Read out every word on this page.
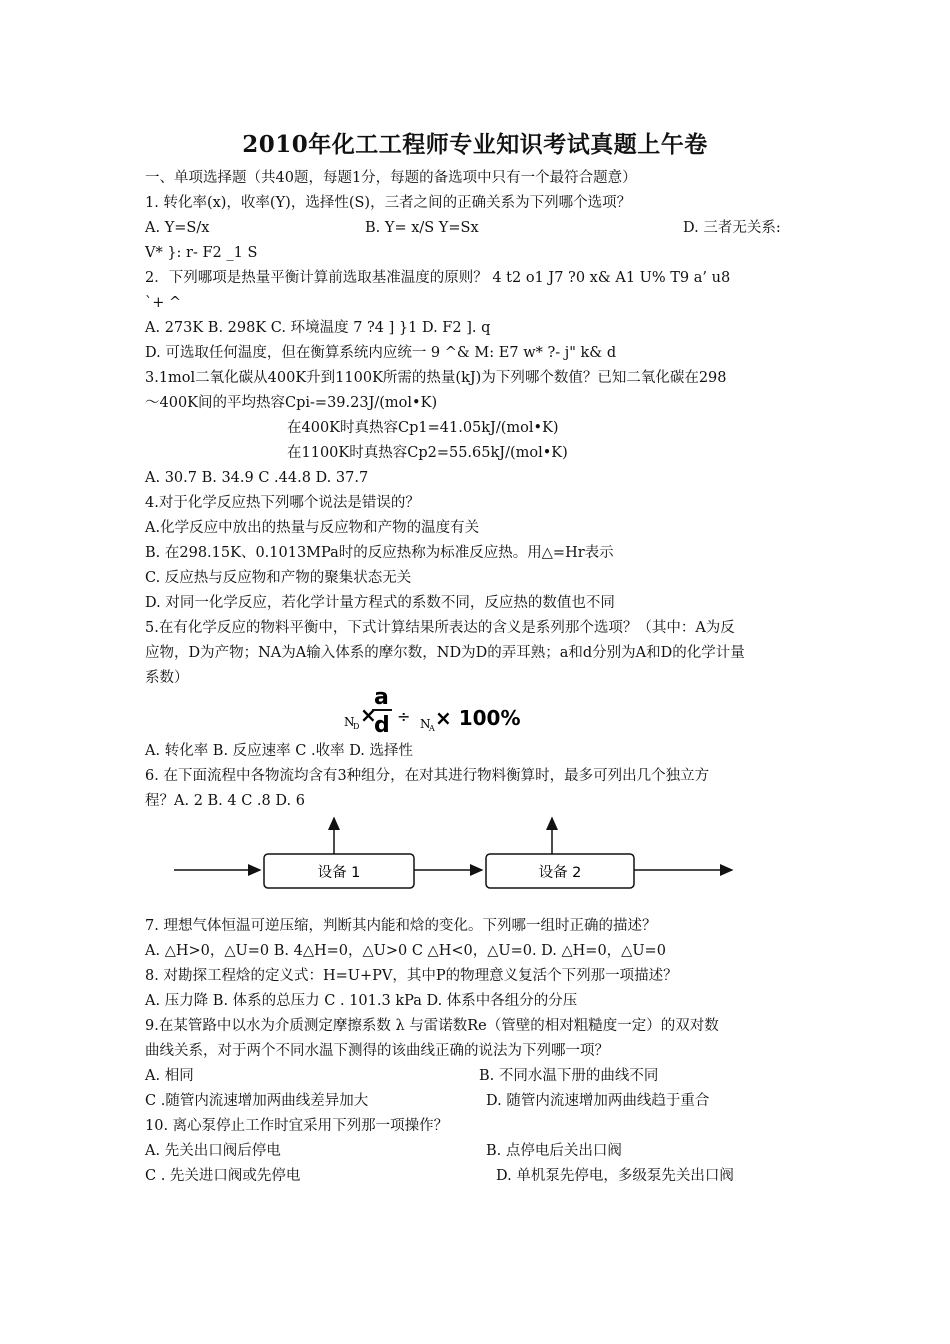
2010年化工工程师专业知识考试真题上午卷
一、单项选择题（共40题，每题1分，每题的备选项中只有一个最符合题意）
1. 转化率(x)，收率(Y)，选择性(S)，三者之间的正确关系为下列哪个选项？
A. Y=S/x	B. Y= x/S Y=Sx	D. 三者无关系:
V* }: r- F2 _1 S
2．下列哪项是热量平衡计算前选取基准温度的原则？ 4 t2 o1 J7 ?0 x& A1 U% T9 a’ u8
`+ ^
A. 273K B. 298K C. 环境温度 7 ?4 ] }1 D. F2 ]. q
D. 可选取任何温度，但在衡算系统内应统一 9 ^& M: E7 w* ?- j" k& d
3.1mol二氧化碳从400K升到1100K所需的热量(kJ)为下列哪个数值？已知二氧化碳在298
～400K间的平均热容Cpi-=39.23J/(mol•K)
在400K时真热容Cp1=41.05kJ/(mol•K)
在1100K时真热容Cp2=55.65kJ/(mol•K)
A. 30.7 B. 34.9 C .44.8 D. 37.7
4.对于化学反应热下列哪个说法是错误的？
A.化学反应中放出的热量与反应物和产物的温度有关
B. 在298.15K、0.1013MPa时的反应热称为标准反应热。用△=Hr表示
C. 反应热与反应物和产物的聚集状态无关
D. 对同一化学反应，若化学计量方程式的系数不同，反应热的数值也不同
5.在有化学反应的物料平衡中，下式计算结果所表达的含义是系列那个选项？（其中：A为反
应物，D为产物；NA为A输入体系的摩尔数，ND为D的弄耳熟；a和d分别为A和D的化学计量
系数）
N
D ×
a
d ÷ N
A × 100%
A. 转化率 B. 反应速率 C .收率 D. 选择性
6. 在下面流程中各物流均含有3种组分，在对其进行物料衡算时，最多可列出几个独立方
程？A. 2 B. 4 C .8 D. 6
设备 1	设备 2
7. 理想气体恒温可逆压缩，判断其内能和焓的变化。下列哪一组时正确的描述？
A. △H>0，△U=0 B. 4△H=0，△U>0 C △H<0，△U=0. D. △H=0，△U=0
8. 对勘探工程焓的定义式：H=U+PV，其中P的物理意义复活个下列那一项描述？
A. 压力降 B. 体系的总压力 C . 101.3 kPa D. 体系中各组分的分压
9.在某管路中以水为介质测定摩擦系数 λ 与雷诺数Re（管壁的相对粗糙度一定）的双对数
曲线关系，对于两个不同水温下测得的该曲线正确的说法为下列哪一项？
A. 相同	B. 不同水温下册的曲线不同
C .随管内流速增加两曲线差异加大	D. 随管内流速增加两曲线趋于重合
10. 离心泵停止工作时宜采用下列那一项操作？
A. 先关出口阀后停电	B. 点停电后关出口阀
C . 先关进口阀或先停电	D. 单机泵先停电，多级泵先关出口阀
